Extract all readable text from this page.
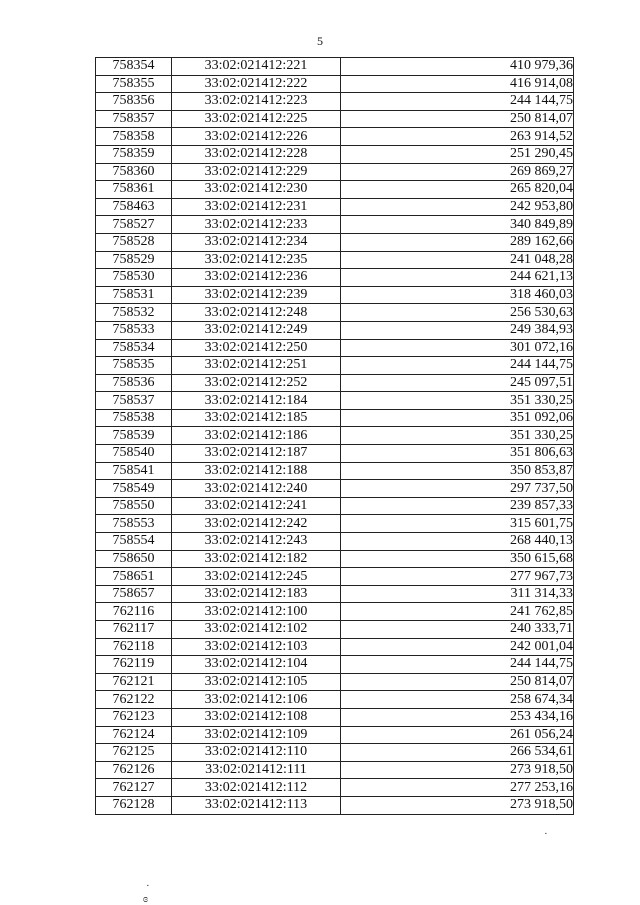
5
758354	33:02:021412:221	410 979,36
758355	33:02:021412:222	416 914,08
758356	33:02:021412:223	244 144,75
758357	33:02:021412:225	250 814,07
758358	33:02:021412:226	263 914,52
758359	33:02:021412:228	251 290,45
758360	33:02:021412:229	269 869,27
758361	33:02:021412:230	265 820,04
758463	33:02:021412:231	242 953,80
758527	33:02:021412:233	340 849,89
758528	33:02:021412:234	289 162,66
758529	33:02:021412:235	241 048,28
758530	33:02:021412:236	244 621,13
758531	33:02:021412:239	318 460,03
758532	33:02:021412:248	256 530,63
758533	33:02:021412:249	249 384,93
758534	33:02:021412:250	301 072,16
758535	33:02:021412:251	244 144,75
758536	33:02:021412:252	245 097,51
758537	33:02:021412:184	351 330,25
758538	33:02:021412:185	351 092,06
758539	33:02:021412:186	351 330,25
758540	33:02:021412:187	351 806,63
758541	33:02:021412:188	350 853,87
758549	33:02:021412:240	297 737,50
758550	33:02:021412:241	239 857,33
758553	33:02:021412:242	315 601,75
758554	33:02:021412:243	268 440,13
758650	33:02:021412:182	350 615,68
758651	33:02:021412:245	277 967,73
758657	33:02:021412:183	311 314,33
762116	33:02:021412:100	241 762,85
762117	33:02:021412:102	240 333,71
762118	33:02:021412:103	242 001,04
762119	33:02:021412:104	244 144,75
762121	33:02:021412:105	250 814,07
762122	33:02:021412:106	258 674,34
762123	33:02:021412:108	253 434,16
762124	33:02:021412:109	261 056,24
762125	33:02:021412:110	266 534,61
762126	33:02:021412:111	273 918,50
762127	33:02:021412:112	277 253,16
762128	33:02:021412:113	273 918,50
·
·
ɞ
